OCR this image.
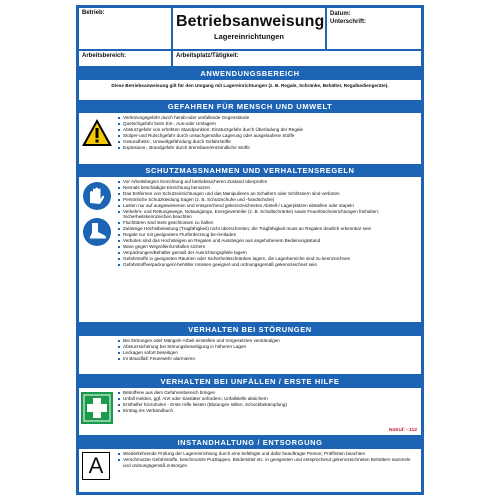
Betrieb:	Betriebsanweisung
Lagereinrichtungen
Datum:
Unterschrift:
Arbeitsbereich:	Arbeitsplatz/Tätigkeit:
ANWENDUNGSBEREICH
Diese Betriebsanweisung gilt für den Umgang mit Lagereinrichtungen (z. B. Regale, Schränke, Behälter, Regalbediengeräte).
GEFAHREN FÜR MENSCH UND UMWELT
Verletzungsgefahr durch herab-oder umfallende Gegenstände
Quetschgefahr beim Ein-, Aus-oder Umlagern
Absturzgefahr von erhöhten Standpunkten; Einsturzgefahr durch Überladung der Regale
Stolper-und Rutschgefahr durch unsachgemäße Lagerung oder ausgelaufene Stoffe
Gesundheits-, Umweltgefährdung durch Gefahrstoffe
Explosions-, Brandgefahr durch brennbare/entzündliche Stoffe
SCHUTZMASSNAHMEN UND VERHALTENSREGELN
Vor Arbeitsbeginn Einrichtung auf betriebssicheren Zustand überprüfen
Niemals beschädigte Einrichtung benutzen
Das Entfernen von Schutzeinrichtungen und das Manipulieren an Schaltern oder Schlössern sind verboten
Persönliche Schutzkleidung tragen (z. B. Schutzschuhe und -handschuhe)
Lasten nur auf ausgewiesenen und entsprechend gekennzeichneten Abstell-/ Lagerplätzen abstellen oder stapeln
Verkehrs- und Rettungswege, Notausgänge, Energieverteiler (z. B. Schaltschränke) sowie Feuerlöscheinrichtungen freihalten; Sicherheitskennzeichen beachten
Fluchttüren sind stets geschlossen zu halten
Zulässige Höchstbelastung (Tragfähigkeit) nicht überschreiten; die Tragfähigkeit muss an Regalen deutlich erkennbar sein
Regale nur mit geeignetem Flurförderzeug be-/entladen
Verboten sind das Hochsteigen an Regalen und Aussteigen aus angehobenem Bedienungsstand
Ware gegen Wegrollen/Umfallen sichern
Verpackungen/Behälter gemäß der Ausrichtungspfeile lagern
Gefahrstoffe in geeigneten Räumen oder Sicherheitsschränken lagern, die Lagerbereiche sind zu kennzeichnen
Gefahrstoffverpackungen/-behälter müssen geeignet und ordnungsgemäß gekennzeichnet sein
VERHALTEN BEI STÖRUNGEN
Bei Störungen oder Mängeln Arbeit einstellen und Vorgesetzten verständigen
Absturzsicherung bei Störungsbeseitigung in höheren Lagen
Leckagen sofort beseitigen
Im Brandfall: Feuerwehr alarmieren
VERHALTEN BEI UNFÄLLEN / ERSTE HILFE
Betroffene aus dem Gefahrenbereich bringen
Unfall melden, ggf. Arzt oder Sanitäter anfordern, Unfallstelle absichern
Ersthelfer hinzuholen - Erste Hilfe leisten (Blutungen stillen, Schockbekämpfung)
Eintrag ins Verbandbuch
Notruf: - 112
INSTANDHALTUNG / ENTSORGUNG
A	Wiederkehrende Prüfung der Lagereinrichtung durch eine befähigte und dafür beauftragte Person; Prüffristen beachten
Verschmutzte Gefahrstoffe, beschmutzte Putzlappen, Bindemittel etc. in geeigneten und entsprechend gekennzeichneten Behältern sammeln und ordnungsgemäß entsorgen
